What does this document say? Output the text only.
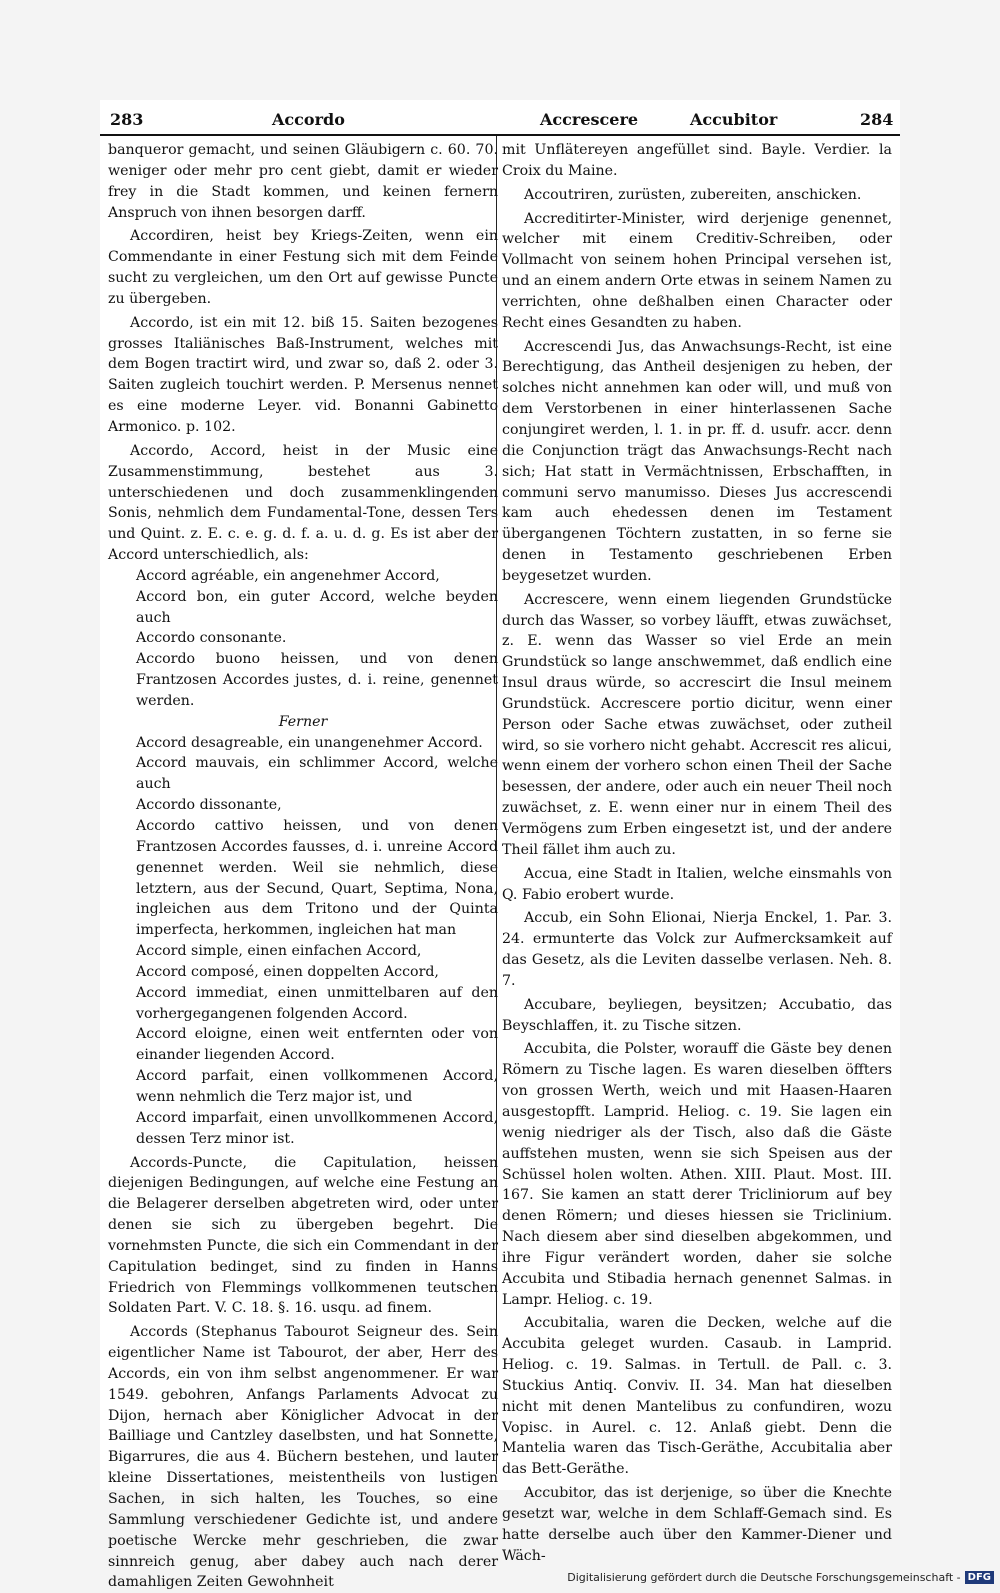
283	Accordo	Accrescere	Accubitor	284

banqueror gemacht, und seinen Gläubigern c. 60. 70. weniger oder mehr pro cent giebt, damit er wieder frey in die Stadt kommen, und keinen fernern Anspruch von ihnen besorgen darff.

Accordiren, heist bey Kriegs-Zeiten, wenn ein Commendante in einer Festung sich mit dem Feinde sucht zu vergleichen, um den Ort auf gewisse Puncte zu übergeben.

Accordo, ist ein mit 12. biß 15. Saiten bezogenes grosses Italiänisches Baß-Instrument, welches mit dem Bogen tractirt wird, und zwar so, daß 2. oder 3. Saiten zugleich touchirt werden. P. Mersenus nennet es eine moderne Leyer. vid. Bonanni Gabinetto Armonico. p. 102.

Accordo, Accord, heist in der Music eine Zusammenstimmung, bestehet aus 3. unterschiedenen und doch zusammenklingenden Sonis, nehmlich dem Fundamental-Tone, dessen Ters und Quint. z. E. c. e. g. d. f. a. u. d. g. Es ist aber der Accord unterschiedlich, als:

Accord agréable, ein angenehmer Accord,

Accord bon, ein guter Accord, welche beyden auch

Accordo consonante.

Accordo buono heissen, und von denen Frantzosen Accordes justes, d. i. reine, genennet werden.

Ferner

Accord desagreable, ein unangenehmer Accord.

Accord mauvais, ein schlimmer Accord, welche auch

Accordo dissonante,

Accordo cattivo heissen, und von denen Frantzosen Accordes fausses, d. i. unreine Accord genennet werden. Weil sie nehmlich, diese letztern, aus der Secund, Quart, Septima, Nona, ingleichen aus dem Tritono und der Quinta imperfecta, herkommen, ingleichen hat man

Accord simple, einen einfachen Accord,

Accord composé, einen doppelten Accord,

Accord immediat, einen unmittelbaren auf den vorhergegangenen folgenden Accord.

Accord eloigne, einen weit entfernten oder von einander liegenden Accord.

Accord parfait, einen vollkommenen Accord, wenn nehmlich die Terz major ist, und

Accord imparfait, einen unvollkommenen Accord, dessen Terz minor ist.

Accords-Puncte, die Capitulation, heissen diejenigen Bedingungen, auf welche eine Festung an die Belagerer derselben abgetreten wird, oder unter denen sie sich zu übergeben begehrt. Die vornehmsten Puncte, die sich ein Commendant in der Capitulation bedinget, sind zu finden in Hanns Friedrich von Flemmings vollkommenen teutschen Soldaten Part. V. C. 18. §. 16. usqu. ad finem.

Accords (Stephanus Tabourot Seigneur des. Sein eigentlicher Name ist Tabourot, der aber, Herr des Accords, ein von ihm selbst angenommener. Er war 1549. gebohren, Anfangs Parlaments Advocat zu Dijon, hernach aber Königlicher Advocat in der Bailliage und Cantzley daselbsten, und hat Sonnette, Bigarrures, die aus 4. Büchern bestehen, und lauter kleine Dissertationes, meistentheils von lustigen Sachen, in sich halten, les Touches, so eine Sammlung verschiedener Gedichte ist, und andere poetische Wercke mehr geschrieben, die zwar sinnreich genug, aber dabey auch nach derer damahligen Zeiten Gewohnheit

mit Unflätereyen angefüllet sind. Bayle. Verdier. la Croix du Maine.

Accoutriren, zurüsten, zubereiten, anschicken.

Accreditirter-Minister, wird derjenige genennet, welcher mit einem Creditiv-Schreiben, oder Vollmacht von seinem hohen Principal versehen ist, und an einem andern Orte etwas in seinem Namen zu verrichten, ohne deßhalben einen Character oder Recht eines Gesandten zu haben.

Accrescendi Jus, das Anwachsungs-Recht, ist eine Berechtigung, das Antheil desjenigen zu heben, der solches nicht annehmen kan oder will, und muß von dem Verstorbenen in einer hinterlassenen Sache conjungiret werden, l. 1. in pr. ff. d. usufr. accr. denn die Conjunction trägt das Anwachsungs-Recht nach sich; Hat statt in Vermächtnissen, Erbschafften, in communi servo manumisso. Dieses Jus accrescendi kam auch ehedessen denen im Testament übergangenen Töchtern zustatten, in so ferne sie denen in Testamento geschriebenen Erben beygesetzet wurden.

Accrescere, wenn einem liegenden Grundstücke durch das Wasser, so vorbey läufft, etwas zuwächset, z. E. wenn das Wasser so viel Erde an mein Grundstück so lange anschwemmet, daß endlich eine Insul draus würde, so accrescirt die Insul meinem Grundstück. Accrescere portio dicitur, wenn einer Person oder Sache etwas zuwächset, oder zutheil wird, so sie vorhero nicht gehabt. Accrescit res alicui, wenn einem der vorhero schon einen Theil der Sache besessen, der andere, oder auch ein neuer Theil noch zuwächset, z. E. wenn einer nur in einem Theil des Vermögens zum Erben eingesetzt ist, und der andere Theil fället ihm auch zu.

Accua, eine Stadt in Italien, welche einsmahls von Q. Fabio erobert wurde.

Accub, ein Sohn Elionai, Nierja Enckel, 1. Par. 3. 24. ermunterte das Volck zur Aufmercksamkeit auf das Gesetz, als die Leviten dasselbe verlasen. Neh. 8. 7.

Accubare, beyliegen, beysitzen; Accubatio, das Beyschlaffen, it. zu Tische sitzen.

Accubita, die Polster, worauff die Gäste bey denen Römern zu Tische lagen. Es waren dieselben öffters von grossen Werth, weich und mit Haasen-Haaren ausgestopfft. Lamprid. Heliog. c. 19. Sie lagen ein wenig niedriger als der Tisch, also daß die Gäste auffstehen musten, wenn sie sich Speisen aus der Schüssel holen wolten. Athen. XIII. Plaut. Most. III. 167. Sie kamen an statt derer Tricliniorum auf bey denen Römern; und dieses hiessen sie Triclinium. Nach diesem aber sind dieselben abgekommen, und ihre Figur verändert worden, daher sie solche Accubita und Stibadia hernach genennet Salmas. in Lampr. Heliog. c. 19.

Accubitalia, waren die Decken, welche auf die Accubita geleget wurden. Casaub. in Lamprid. Heliog. c. 19. Salmas. in Tertull. de Pall. c. 3. Stuckius Antiq. Conviv. II. 34. Man hat dieselben nicht mit denen Mantelibus zu confundiren, wozu Vopisc. in Aurel. c. 12. Anlaß giebt. Denn die Mantelia waren das Tisch-Geräthe, Accubitalia aber das Bett-Geräthe.

Accubitor, das ist derjenige, so über die Knechte gesetzt war, welche in dem Schlaff-Gemach sind. Es hatte derselbe auch über den Kammer-Diener und Wäch-

Digitalisierung gefördert durch die Deutsche Forschungsgemeinschaft - DFG
